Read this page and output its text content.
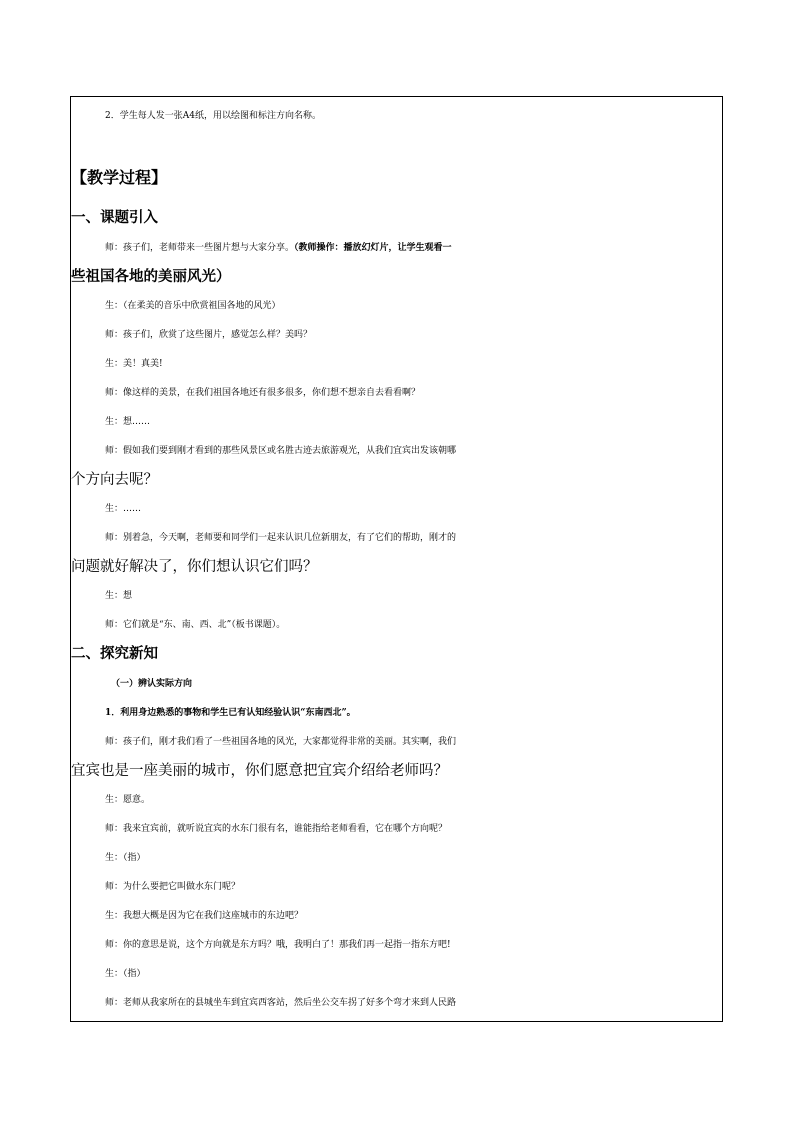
2．学生每人发一张A4纸，用以绘图和标注方向名称。
【教学过程】
一、课题引入
师：孩子们，老师带来一些图片想与大家分享。（教师操作：播放幻灯片，让学生观看一
些祖国各地的美丽风光）
生：（在柔美的音乐中欣赏祖国各地的风光）
师：孩子们，欣赏了这些图片，感觉怎么样？美吗？
生：美！真美!
师：像这样的美景，在我们祖国各地还有很多很多，你们想不想亲自去看看啊？
生：想……
师：假如我们要到刚才看到的那些风景区或名胜古迹去旅游观光，从我们宜宾出发该朝哪
个方向去呢？
生：……
师：别着急，今天啊，老师要和同学们一起来认识几位新朋友，有了它们的帮助，刚才的
问题就好解决了，你们想认识它们吗？
生：想
师：它们就是“东、南、西、北”（板书课题）。
二、探究新知
（一）辨认实际方向
1．利用身边熟悉的事物和学生已有认知经验认识“东南西北”。
师：孩子们，刚才我们看了一些祖国各地的风光，大家都觉得非常的美丽。其实啊，我们
宜宾也是一座美丽的城市，你们愿意把宜宾介绍给老师吗？
生：愿意。
师：我来宜宾前，就听说宜宾的水东门很有名，谁能指给老师看看，它在哪个方向呢？
生：（指）
师：为什么要把它叫做水东门呢？
生：我想大概是因为它在我们这座城市的东边吧？
师：你的意思是说，这个方向就是东方吗？哦，我明白了！那我们再一起指一指东方吧!
生：（指）
师：老师从我家所在的县城坐车到宜宾西客站，然后坐公交车拐了好多个弯才来到人民路
